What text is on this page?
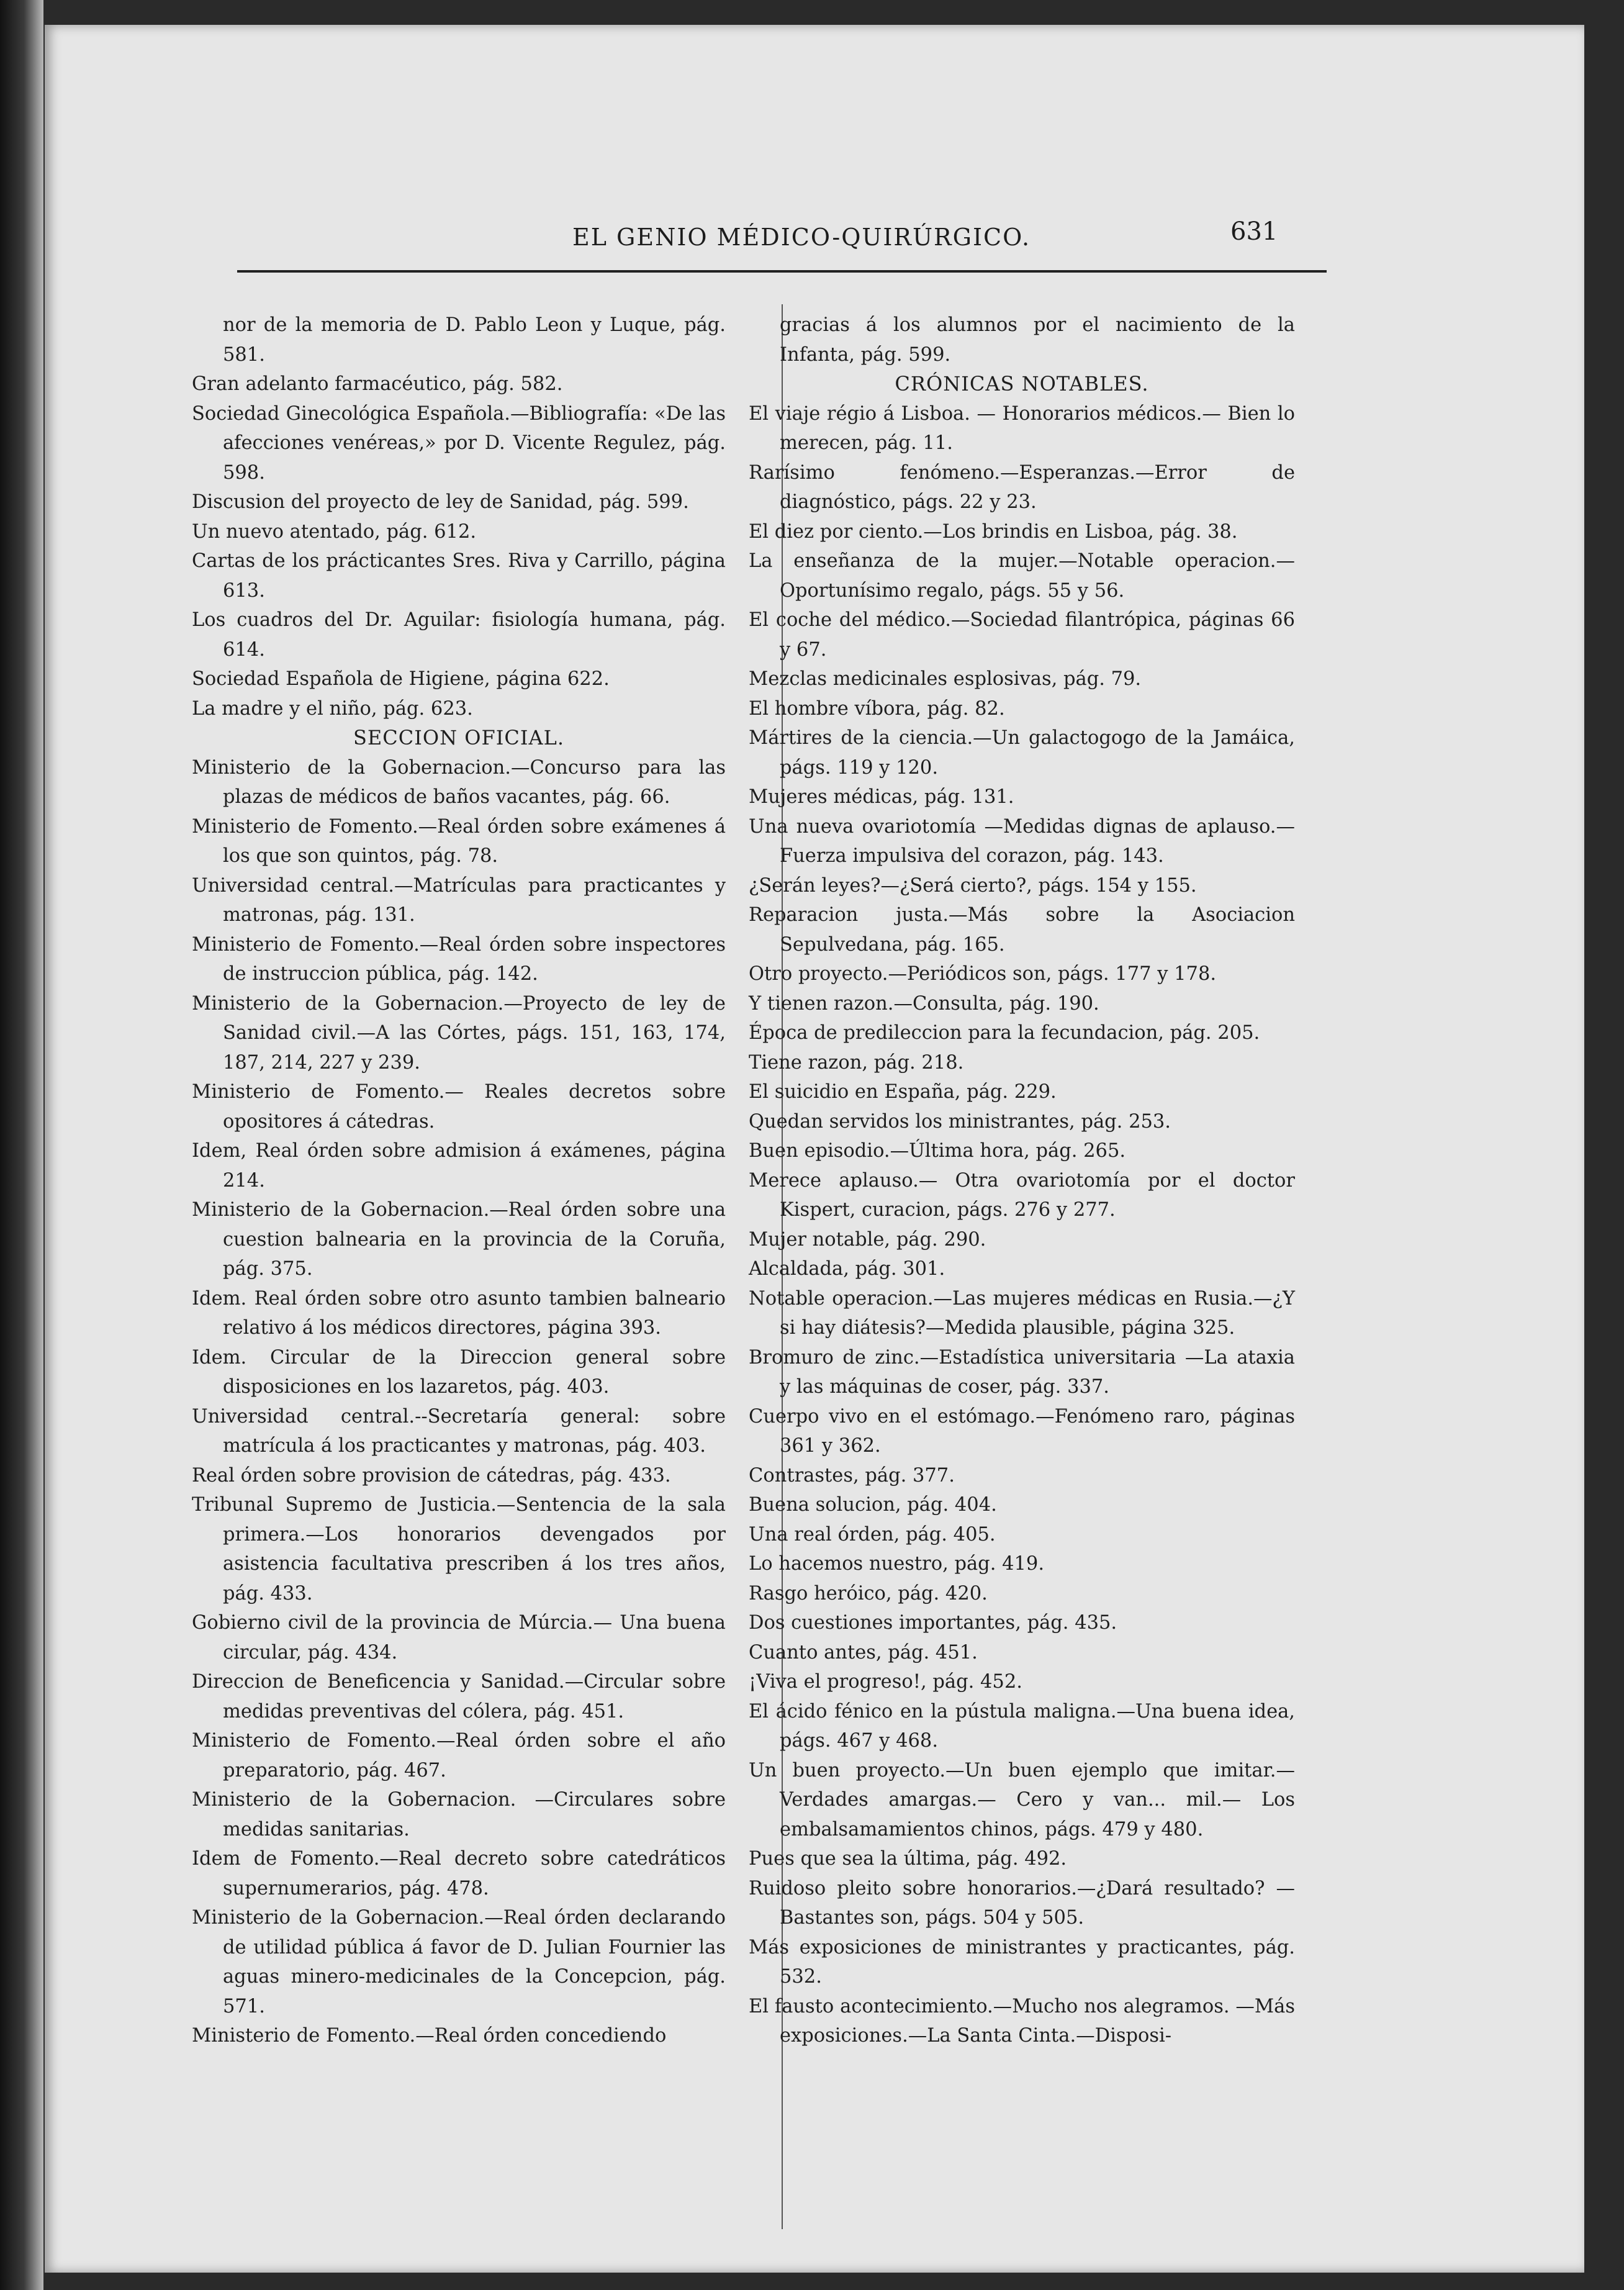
EL GENIO MÉDICO-QUIRÚRGICO.	631

nor de la memoria de D. Pablo Leon y Luque, pág. 581.

Gran adelanto farmacéutico, pág. 582.

Sociedad Ginecológica Española.—Bibliografía: «De las afecciones venéreas,» por D. Vicente Regulez, pág. 598.

Discusion del proyecto de ley de Sanidad, pág. 599.

Un nuevo atentado, pág. 612.

Cartas de los prácticantes Sres. Riva y Carrillo, página 613.

Los cuadros del Dr. Aguilar: fisiología humana, pág. 614.

Sociedad Española de Higiene, página 622.

La madre y el niño, pág. 623.

SECCION OFICIAL.

Ministerio de la Gobernacion.—Concurso para las plazas de médicos de baños vacantes, pág. 66.

Ministerio de Fomento.—Real órden sobre exámenes á los que son quintos, pág. 78.

Universidad central.—Matrículas para practicantes y matronas, pág. 131.

Ministerio de Fomento.—Real órden sobre inspectores de instruccion pública, pág. 142.

Ministerio de la Gobernacion.—Proyecto de ley de Sanidad civil.—A las Córtes, págs. 151, 163, 174, 187, 214, 227 y 239.

Ministerio de Fomento.— Reales decretos sobre opositores á cátedras.

Idem, Real órden sobre admision á exámenes, página 214.

Ministerio de la Gobernacion.—Real órden sobre una cuestion balnearia en la provincia de la Coruña, pág. 375.

Idem. Real órden sobre otro asunto tambien balneario relativo á los médicos directores, página 393.

Idem. Circular de la Direccion general sobre disposiciones en los lazaretos, pág. 403.

Universidad central.--Secretaría general: sobre matrícula á los practicantes y matronas, pág. 403.

Real órden sobre provision de cátedras, pág. 433.

Tribunal Supremo de Justicia.—Sentencia de la sala primera.—Los honorarios devengados por asistencia facultativa prescriben á los tres años, pág. 433.

Gobierno civil de la provincia de Múrcia.— Una buena circular, pág. 434.

Direccion de Beneficencia y Sanidad.—Circular sobre medidas preventivas del cólera, pág. 451.

Ministerio de Fomento.—Real órden sobre el año preparatorio, pág. 467.

Ministerio de la Gobernacion. —Circulares sobre medidas sanitarias.

Idem de Fomento.—Real decreto sobre catedráticos supernumerarios, pág. 478.

Ministerio de la Gobernacion.—Real órden declarando de utilidad pública á favor de D. Julian Fournier las aguas minero-medicinales de la Concepcion, pág. 571.

Ministerio de Fomento.—Real órden concediendo

gracias á los alumnos por el nacimiento de la Infanta, pág. 599.

CRÓNICAS NOTABLES.

El viaje régio á Lisboa. — Honorarios médicos.— Bien lo merecen, pág. 11.

Rarísimo fenómeno.—Esperanzas.—Error de diagnóstico, págs. 22 y 23.

El diez por ciento.—Los brindis en Lisboa, pág. 38.

La enseñanza de la mujer.—Notable operacion.— Oportunísimo regalo, págs. 55 y 56.

El coche del médico.—Sociedad filantrópica, páginas 66 y 67.

Mezclas medicinales esplosivas, pág. 79.

El hombre víbora, pág. 82.

Mártires de la ciencia.—Un galactogogo de la Jamáica, págs. 119 y 120.

Mujeres médicas, pág. 131.

Una nueva ovariotomía —Medidas dignas de aplauso.—Fuerza impulsiva del corazon, pág. 143.

¿Serán leyes?—¿Será cierto?, págs. 154 y 155.

Reparacion justa.—Más sobre la Asociacion Sepulvedana, pág. 165.

Otro proyecto.—Periódicos son, págs. 177 y 178.

Y tienen razon.—Consulta, pág. 190.

Época de predileccion para la fecundacion, pág. 205.

Tiene razon, pág. 218.

El suicidio en España, pág. 229.

Quedan servidos los ministrantes, pág. 253.

Buen episodio.—Última hora, pág. 265.

Merece aplauso.— Otra ovariotomía por el doctor Kispert, curacion, págs. 276 y 277.

Mujer notable, pág. 290.

Alcaldada, pág. 301.

Notable operacion.—Las mujeres médicas en Rusia.—¿Y si hay diátesis?—Medida plausible, página 325.

Bromuro de zinc.—Estadística universitaria —La ataxia y las máquinas de coser, pág. 337.

Cuerpo vivo en el estómago.—Fenómeno raro, páginas 361 y 362.

Contrastes, pág. 377.

Buena solucion, pág. 404.

Una real órden, pág. 405.

Lo hacemos nuestro, pág. 419.

Rasgo heróico, pág. 420.

Dos cuestiones importantes, pág. 435.

Cuanto antes, pág. 451.

¡Viva el progreso!, pág. 452.

El ácido fénico en la pústula maligna.—Una buena idea, págs. 467 y 468.

Un buen proyecto.—Un buen ejemplo que imitar.— Verdades amargas.— Cero y van... mil.— Los embalsamamientos chinos, págs. 479 y 480.

Pues que sea la última, pág. 492.

Ruidoso pleito sobre honorarios.—¿Dará resultado? —Bastantes son, págs. 504 y 505.

Más exposiciones de ministrantes y practicantes, pág. 532.

El fausto acontecimiento.—Mucho nos alegramos. —Más exposiciones.—La Santa Cinta.—Disposi-
